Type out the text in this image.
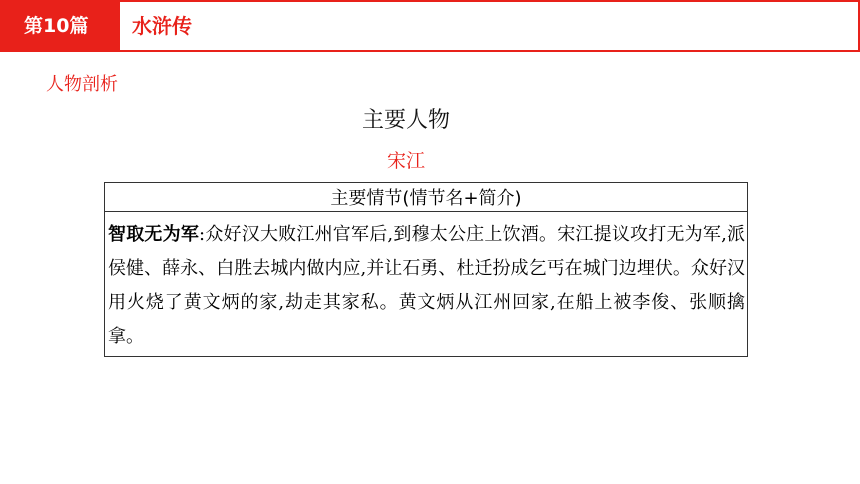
第10篇	水浒传
人物剖析
主要人物
宋江
主要情节(情节名+简介)
智取无为军:众好汉大败江州官军后,到穆太公庄上饮酒。宋江提议攻打无为军,派侯健、薛永、白胜去城内做内应,并让石勇、杜迁扮成乞丐在城门边埋伏。众好汉用火烧了黄文炳的家,劫走其家私。黄文炳从江州回家,在船上被李俊、张顺擒拿。
